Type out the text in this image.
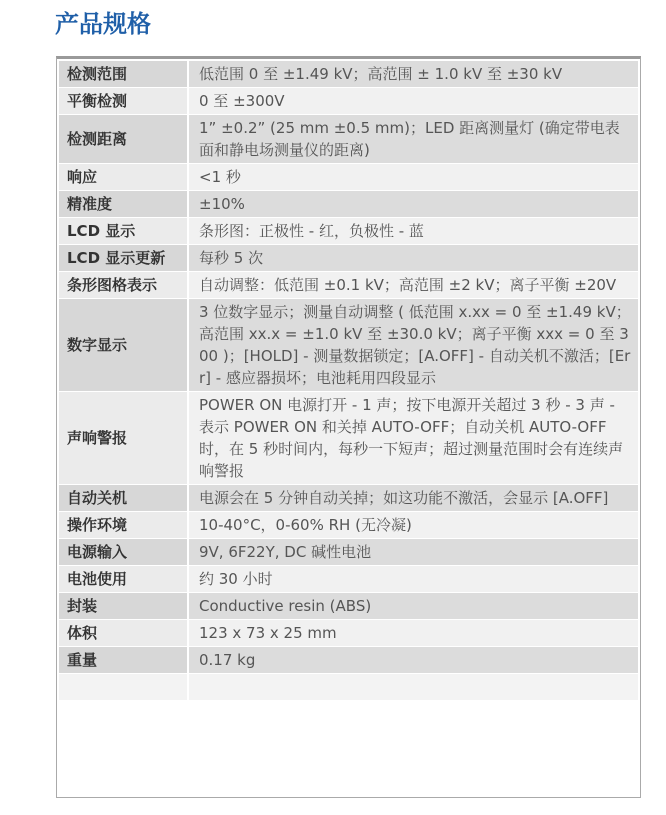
产品规格
检测范围	低范围 0 至 ±1.49 kV；高范围 ± 1.0 kV 至 ±30 kV
平衡检测	0 至 ±300V
检测距离	1” ±0.2” (25 mm ±0.5 mm)；LED 距离测量灯 (确定带电表面和静电场测量仪的距离)
响应	<1 秒
精准度	±10%
LCD 显示	条形图：正极性 - 红，负极性 - 蓝
LCD 显示更新	每秒 5 次
条形图格表示	自动调整：低范围 ±0.1 kV；高范围 ±2 kV；离子平衡 ±20V
数字显示	3 位数字显示；测量自动调整 ( 低范围 x.xx = 0 至 ±1.49 kV；高范围 xx.x = ±1.0 kV 至 ±30.0 kV；离子平衡 xxx = 0 至 300 )；[HOLD] - 测量数据锁定；[A.OFF] - 自动关机不激活；[Err] - 感应器损坏；电池耗用四段显示
声响警报	POWER ON 电源打开 - 1 声；按下电源开关超过 3 秒 - 3 声 - 表示 POWER ON 和关掉 AUTO-OFF；自动关机 AUTO-OFF 时，在 5 秒时间内，每秒一下短声；超过测量范围时会有连续声响警报
自动关机	电源会在 5 分钟自动关掉；如这功能不激活，会显示 [A.OFF]
操作环境	10-40°C，0-60% RH (无冷凝)
电源输入	9V, 6F22Y, DC 碱性电池
电池使用	约 30 小时
封装	Conductive resin (ABS)
体积	123 x 73 x 25 mm
重量	0.17 kg
